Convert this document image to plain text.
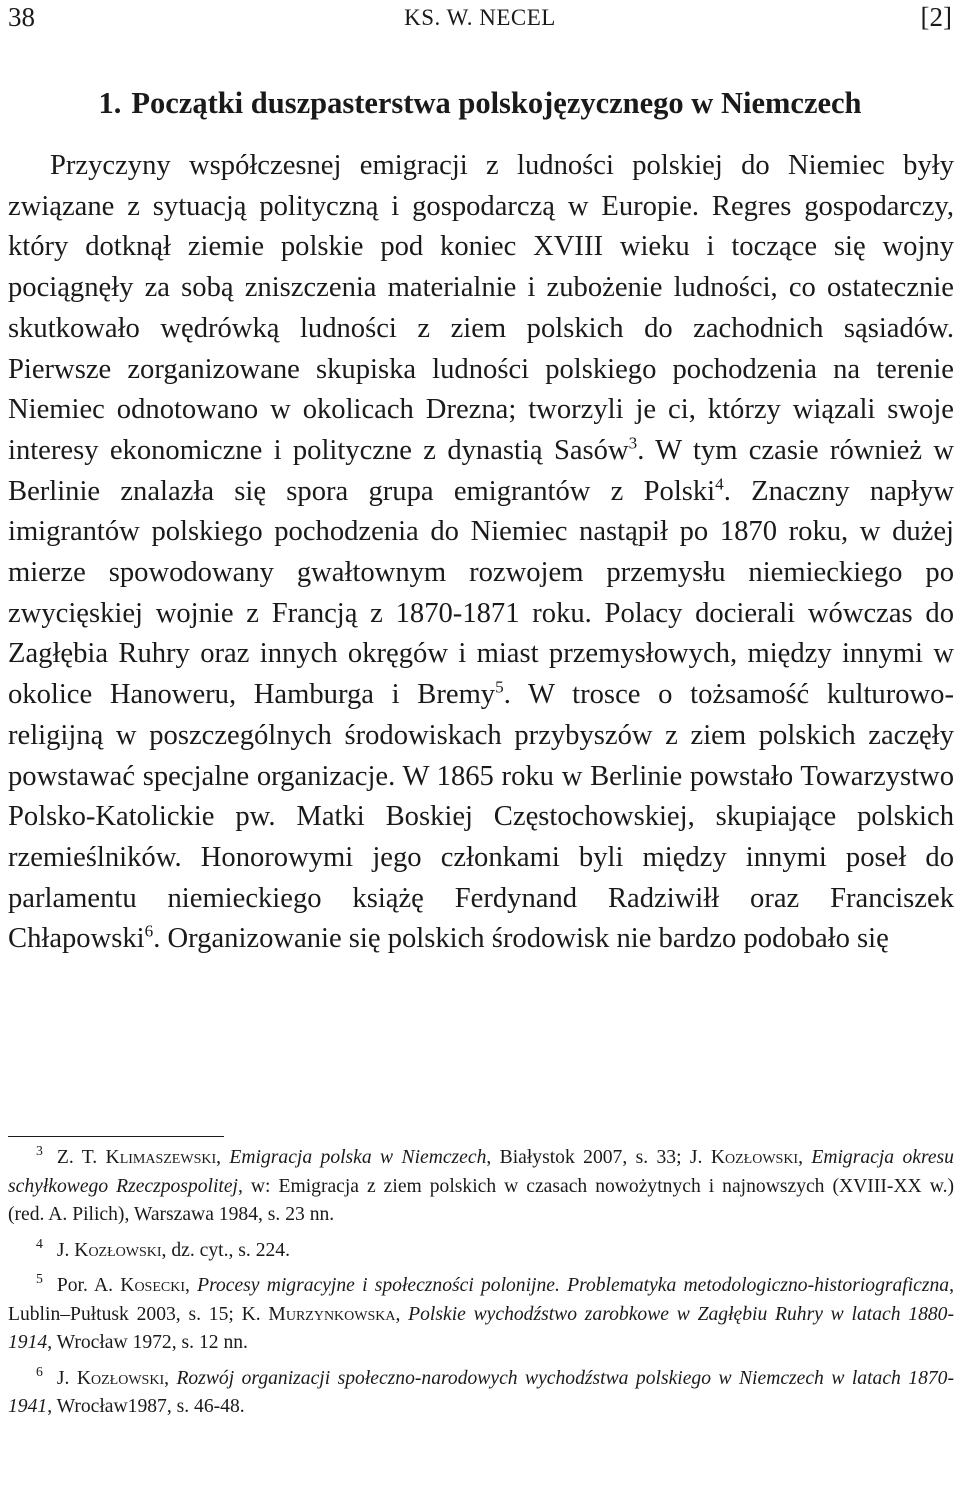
38	KS. W. NECEL	[2]
1. Początki duszpasterstwa polskojęzycznego w Niemczech

Przyczyny współczesnej emigracji z ludności polskiej do Niemiec były związane z sytuacją polityczną i gospodarczą w Europie. Regres gospodarczy, który dotknął ziemie polskie pod koniec XVIII wieku i toczące się wojny pociągnęły za sobą zniszczenia materialnie i zubożenie ludności, co ostatecznie skutkowało wędrówką ludności z ziem polskich do zachodnich sąsiadów. Pierwsze zorganizowane skupiska ludności polskiego pochodzenia na terenie Niemiec odnotowano w okolicach Drezna; tworzyli je ci, którzy wiązali swoje interesy ekonomiczne i polityczne z dynastią Sasów$^3$. W tym czasie również w Berlinie znalazła się spora grupa emigrantów z Polski$^4$. Znaczny napływ imigrantów polskiego pochodzenia do Niemiec nastąpił po 1870 roku, w dużej mierze spowodowany gwałtownym rozwojem przemysłu niemieckiego po zwycięskiej wojnie z Francją z 1870-1871 roku. Polacy docierali wówczas do Zagłębia Ruhry oraz innych okręgów i miast przemysłowych, między innymi w okolice Hanoweru, Hamburga i Bremy$^5$. W trosce o tożsamość kulturowo-religijną w poszczególnych środowiskach przybyszów z ziem polskich zaczęły powstawać specjalne organizacje. W 1865 roku w Berlinie powstało Towarzystwo Polsko-Katolickie pw. Matki Boskiej Częstochowskiej, skupiające polskich rzemieślników. Honorowymi jego członkami byli między innymi poseł do parlamentu niemieckiego książę Ferdynand Radziwiłł oraz Franciszek Chłapowski$^6$. Organizowanie się polskich środowisk nie bardzo podobało się

$^3$ Z. T. Klimaszewski, Emigracja polska w Niemczech, Białystok 2007, s. 33; J. Kozłowski, Emigracja okresu schyłkowego Rzeczpospolitej, w: Emigracja z ziem polskich w czasach nowożytnych i najnowszych (XVIII-XX w.) (red. A. Pilich), Warszawa 1984, s. 23 nn.

$^4$ J. Kozłowski, dz. cyt., s. 224.

$^5$ Por. A. Kosecki, Procesy migracyjne i społeczności polonijne. Problematyka metodologiczno-historiograficzna, Lublin–Pułtusk 2003, s. 15; K. Murzynkowska, Polskie wychodźstwo zarobkowe w Zagłębiu Ruhry w latach 1880-1914, Wrocław 1972, s. 12 nn.

$^6$ J. Kozłowski, Rozwój organizacji społeczno-narodowych wychodźstwa polskiego w Niemczech w latach 1870-1941, Wrocław1987, s. 46-48.
